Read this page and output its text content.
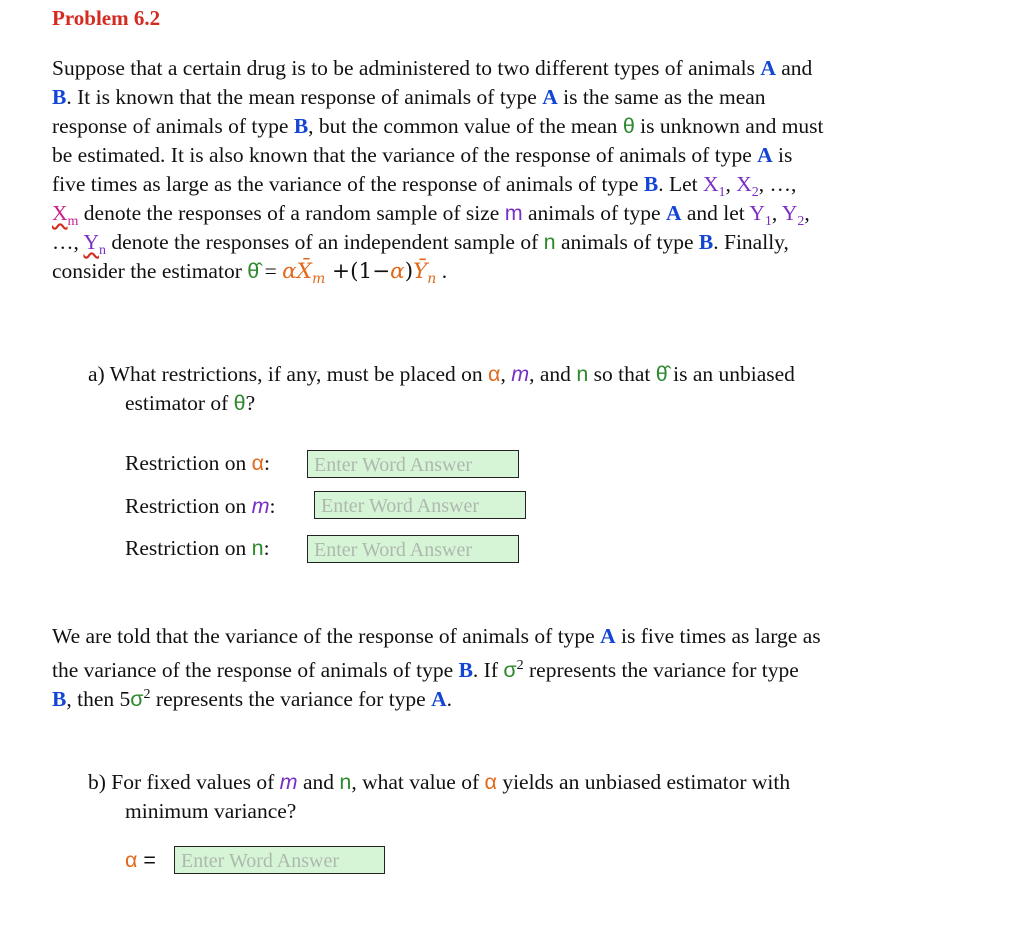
Problem 6.2
Suppose that a certain drug is to be administered to two different types of animals A and
B. It is known that the mean response of animals of type A is the same as the mean
response of animals of type B, but the common value of the mean θ is unknown and must
be estimated. It is also known that the variance of the response of animals of type A is
five times as large as the variance of the response of animals of type B. Let $X_1$, $X_2$, …,
$X_m$ denote the responses of a random sample of size m animals of type A and let $Y_1$, $Y_2$,
…, $Y_n$ denote the responses of an independent sample of n animals of type B. Finally,
consider the estimator θ̂ = $\alpha X̄_m$ $+(1-\alpha)Ȳ_n$ .
a) What restrictions, if any, must be placed on α, m, and n so that θ̂ is an unbiased
estimator of θ?
Restriction on α:	Enter Word Answer
Restriction on m:	Enter Word Answer
Restriction on n:	Enter Word Answer
We are told that the variance of the response of animals of type A is five times as large as
the variance of the response of animals of type B. If $\sigma^2$ represents the variance for type
B, then $5\sigma^2$ represents the variance for type A.
b) For fixed values of m and n, what value of α yields an unbiased estimator with
minimum variance?
α =	Enter Word Answer
